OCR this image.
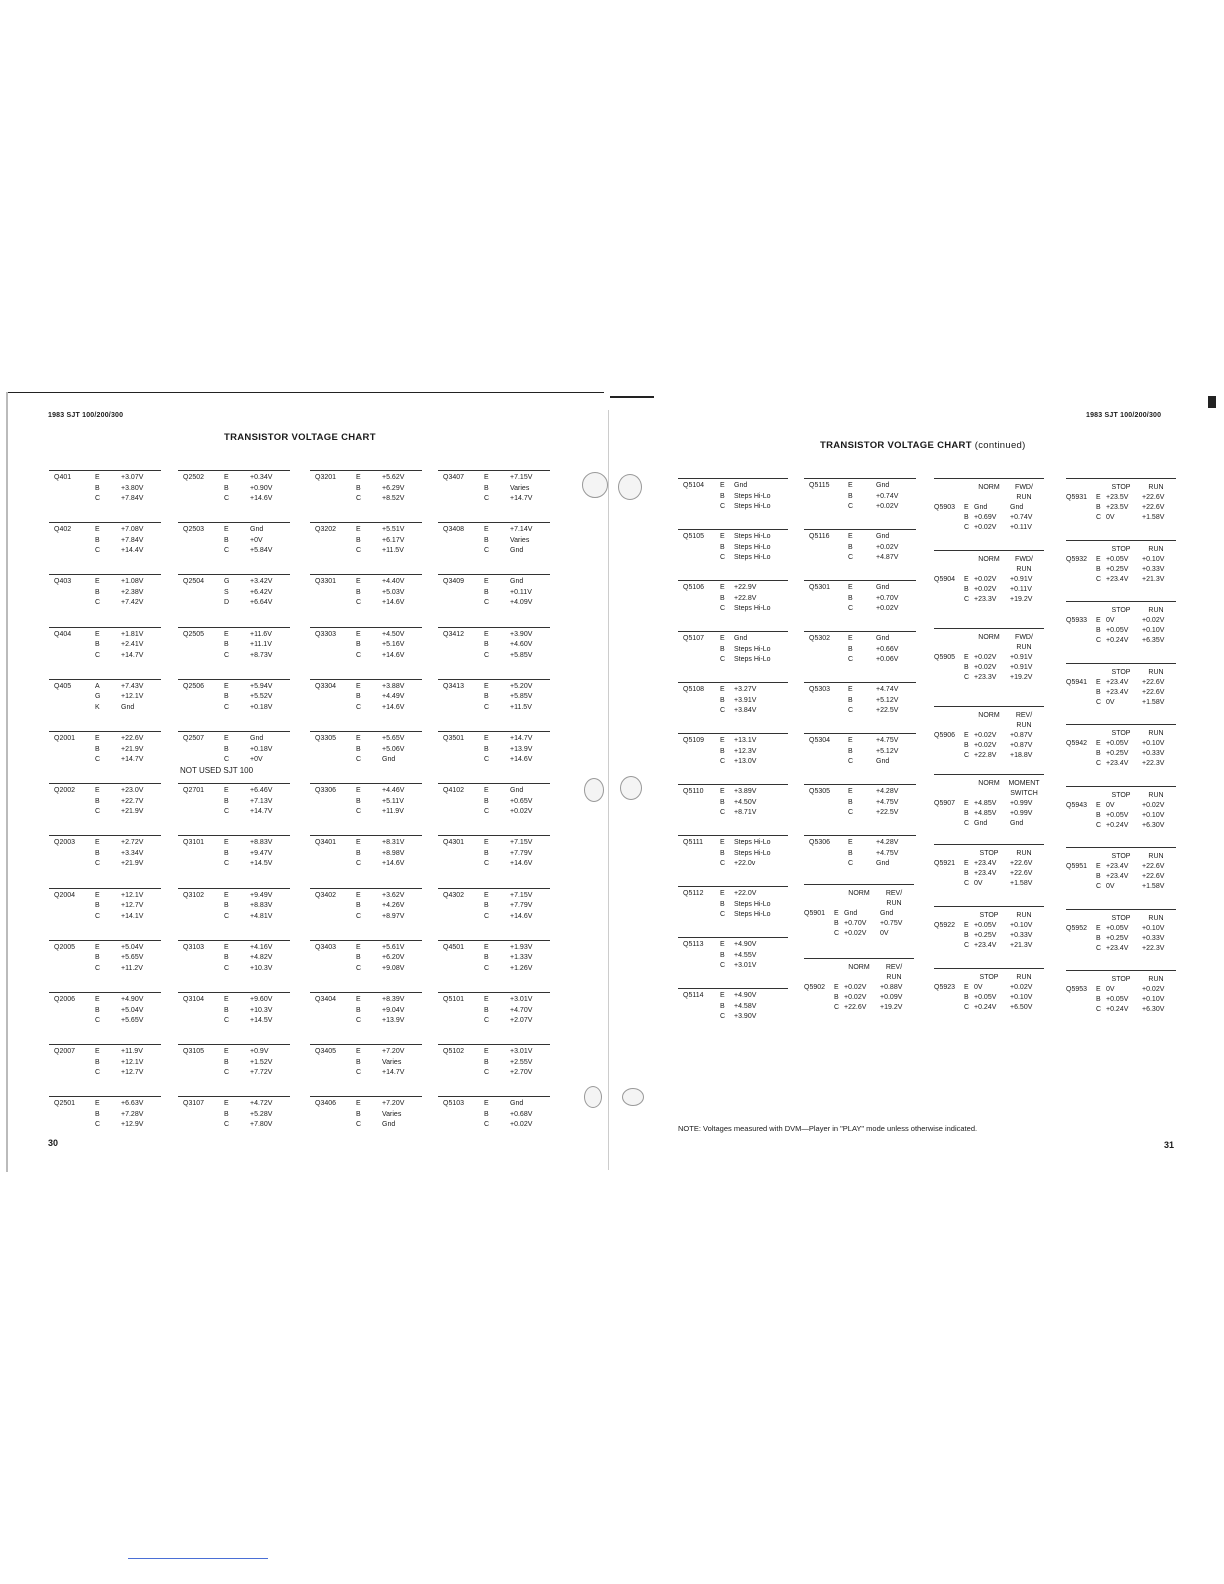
1983 SJT 100/200/300
TRANSISTOR VOLTAGE CHART
Q401	E	+3.07V
B	+3.80V
C	+7.84V
Q402	E	+7.08V
B	+7.84V
C	+14.4V
Q403	E	+1.08V
B	+2.38V
C	+7.42V
Q404	E	+1.81V
B	+2.41V
C	+14.7V
Q405	A	+7.43V
G	+12.1V
K	Gnd
Q2001	E	+22.6V
B	+21.9V
C	+14.7V
Q2002	E	+23.0V
B	+22.7V
C	+21.9V
Q2003	E	+2.72V
B	+3.34V
C	+21.9V
Q2004	E	+12.1V
B	+12.7V
C	+14.1V
Q2005	E	+5.04V
B	+5.65V
C	+11.2V
Q2006	E	+4.90V
B	+5.04V
C	+5.65V
Q2007	E	+11.9V
B	+12.1V
C	+12.7V
Q2501	E	+6.63V
B	+7.28V
C	+12.9V
Q2502	E	+0.34V
B	+0.90V
C	+14.6V
Q2503	E	Gnd
B	+0V
C	+5.84V
Q2504	G	+3.42V
S	+6.42V
D	+6.64V
Q2505	E	+11.6V
B	+11.1V
C	+8.73V
Q2506	E	+5.94V
B	+5.52V
C	+0.18V
Q2507	E	Gnd
B	+0.18V
C	+0V
Q2701	E	+6.46V
B	+7.13V
C	+14.7V
NOT USED SJT 100
Q3101	E	+8.83V
B	+9.47V
C	+14.5V
Q3102	E	+9.49V
B	+8.83V
C	+4.81V
Q3103	E	+4.16V
B	+4.82V
C	+10.3V
Q3104	E	+9.60V
B	+10.3V
C	+14.5V
Q3105	E	+0.9V
B	+1.52V
C	+7.72V
Q3107	E	+4.72V
B	+5.28V
C	+7.80V
Q3201	E	+5.62V
B	+6.29V
C	+8.52V
Q3202	E	+5.51V
B	+6.17V
C	+11.5V
Q3301	E	+4.40V
B	+5.03V
C	+14.6V
Q3303	E	+4.50V
B	+5.16V
C	+14.6V
Q3304	E	+3.88V
B	+4.49V
C	+14.6V
Q3305	E	+5.65V
B	+5.06V
C	Gnd
Q3306	E	+4.46V
B	+5.11V
C	+11.9V
Q3401	E	+8.31V
B	+8.98V
C	+14.6V
Q3402	E	+3.62V
B	+4.26V
C	+8.97V
Q3403	E	+5.61V
B	+6.20V
C	+9.08V
Q3404	E	+8.39V
B	+9.04V
C	+13.9V
Q3405	E	+7.20V
B	Varies
C	+14.7V
Q3406	E	+7.20V
B	Varies
C	Gnd
Q3407	E	+7.15V
B	Varies
C	+14.7V
Q3408	E	+7.14V
B	Varies
C	Gnd
Q3409	E	Gnd
B	+0.11V
C	+4.09V
Q3412	E	+3.90V
B	+4.60V
C	+5.85V
Q3413	E	+5.20V
B	+5.85V
C	+11.5V
Q3501	E	+14.7V
B	+13.9V
C	+14.6V
Q4102	E	Gnd
B	+0.65V
C	+0.02V
Q4301	E	+7.15V
B	+7.79V
C	+14.6V
Q4302	E	+7.15V
B	+7.79V
C	+14.6V
Q4501	E	+1.93V
B	+1.33V
C	+1.26V
Q5101	E	+3.01V
B	+4.70V
C	+2.07V
Q5102	E	+3.01V
B	+2.55V
C	+2.70V
Q5103	E	Gnd
B	+0.68V
C	+0.02V
30
1983 SJT 100/200/300
TRANSISTOR VOLTAGE CHART (continued)
Q5104 E Gnd
B Steps Hi-Lo
C Steps Hi-Lo
Q5105 E Steps Hi-Lo
B Steps Hi-Lo
C Steps Hi-Lo
Q5106 E +22.9V
B +22.8V
C Steps Hi-Lo
Q5107 E Gnd
B Steps Hi-Lo
C Steps Hi-Lo
Q5108 E +3.27V
B +3.91V
C +3.84V
Q5109 E +13.1V
B +12.3V
C +13.0V
Q5110 E +3.89V
B +4.50V
C +8.71V
Q5111 E Steps Hi-Lo
B Steps Hi-Lo
C +22.0v
Q5112 E +22.0V
B Steps Hi-Lo
C Steps Hi-Lo
Q5113 E +4.90V
B +4.55V
C +3.01V
Q5114 E +4.90V
B +4.58V
C +3.90V
Q5115	E	Gnd
B	+0.74V
C	+0.02V
Q5116	E	Gnd
B	+0.02V
C	+4.87V
Q5301	E	Gnd
B	+0.70V
C	+0.02V
Q5302	E	Gnd
B	+0.66V
C	+0.06V
Q5303	E	+4.74V
B	+5.12V
C	+22.5V
Q5304	E	+4.75V
B	+5.12V
C	Gnd
Q5305	E	+4.28V
B	+4.75V
C	+22.5V
Q5306	E	+4.28V
B	+4.75V
C	Gnd
NORM	REV/
RUN
Q5901 E Gnd	Gnd
B +0.70V +0.75V
C +0.02V 0V
NORM	REV/
RUN
Q5902 E +0.02V +0.88V
B +0.02V +0.09V
C +22.6V +19.2V
NORM	FWD/
RUN
Q5903 E Gnd	Gnd
B +0.69V +0.74V
C +0.02V +0.11V
NORM	FWD/
RUN
Q5904 E +0.02V +0.91V
B +0.02V +0.11V
C +23.3V +19.2V
NORM	FWD/
RUN
Q5905 E +0.02V +0.91V
B +0.02V +0.91V
C +23.3V +19.2V
NORM	REV/
RUN
Q5906 E +0.02V +0.87V
B +0.02V +0.87V
C +22.8V +18.8V
NORM	MOMENT
SWITCH
Q5907 E +4.85V +0.99V
B +4.85V +0.99V
C Gnd	Gnd
STOP	RUN
Q5921 E +23.4V +22.6V
B +23.4V +22.6V
C 0V	+1.58V
STOP	RUN
Q5922 E +0.05V +0.10V
B +0.25V +0.33V
C +23.4V +21.3V
STOP	RUN
Q5923 E 0V	+0.02V
B +0.05V +0.10V
C +0.24V +6.50V
STOP	RUN
Q5931 E +23.5V +22.6V
B +23.5V +22.6V
C 0V	+1.58V
STOP	RUN
Q5932 E +0.05V +0.10V
B +0.25V +0.33V
C +23.4V +21.3V
STOP	RUN
Q5933 E 0V	+0.02V
B +0.05V +0.10V
C +0.24V +6.35V
STOP	RUN
Q5941 E +23.4V +22.6V
B +23.4V +22.6V
C 0V	+1.58V
STOP	RUN
Q5942 E +0.05V +0.10V
B +0.25V +0.33V
C +23.4V +22.3V
STOP	RUN
Q5943 E 0V	+0.02V
B +0.05V +0.10V
C +0.24V +6.30V
STOP	RUN
Q5951 E +23.4V +22.6V
B +23.4V +22.6V
C 0V	+1.58V
STOP	RUN
Q5952 E +0.05V +0.10V
B +0.25V +0.33V
C +23.4V +22.3V
STOP	RUN
Q5953 E 0V	+0.02V
B +0.05V +0.10V
C +0.24V +6.30V
NOTE: Voltages measured with DVM—Player in "PLAY" mode unless otherwise indicated.
31
